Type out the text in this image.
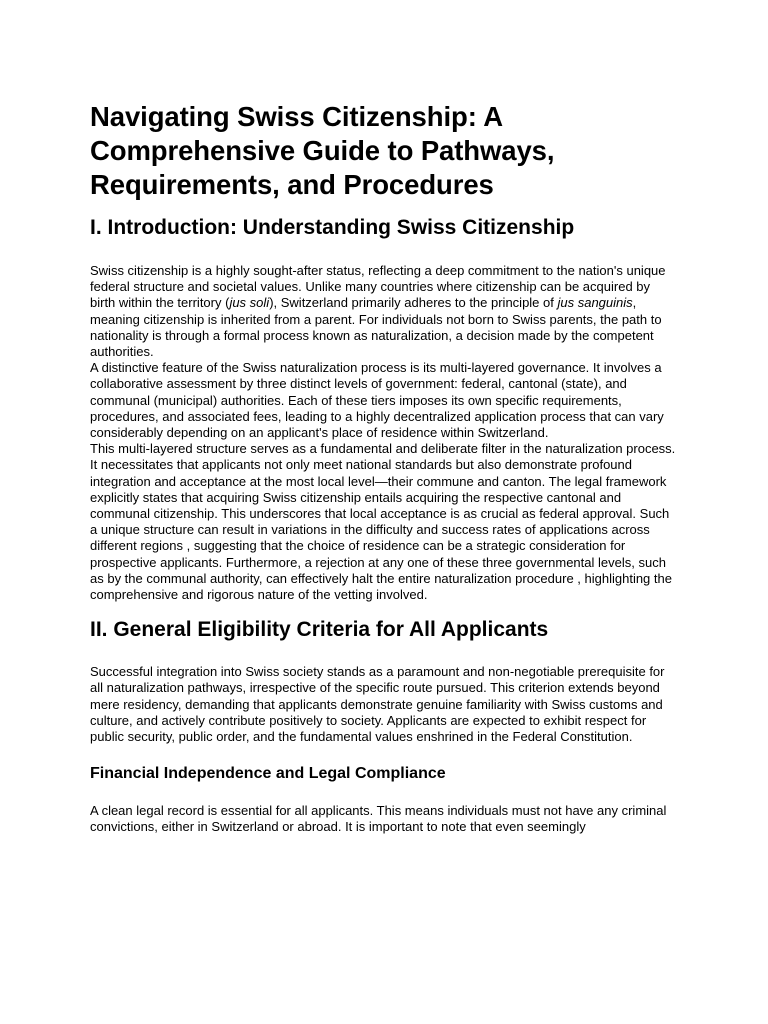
Navigating Swiss Citizenship: A Comprehensive Guide to Pathways, Requirements, and Procedures
I. Introduction: Understanding Swiss Citizenship

Swiss citizenship is a highly sought-after status, reflecting a deep commitment to the nation's unique federal structure and societal values. Unlike many countries where citizenship can be acquired by birth within the territory (jus soli), Switzerland primarily adheres to the principle of jus sanguinis, meaning citizenship is inherited from a parent. For individuals not born to Swiss parents, the path to nationality is through a formal process known as naturalization, a decision made by the competent authorities.

A distinctive feature of the Swiss naturalization process is its multi-layered governance. It involves a collaborative assessment by three distinct levels of government: federal, cantonal (state), and communal (municipal) authorities. Each of these tiers imposes its own specific requirements, procedures, and associated fees, leading to a highly decentralized application process that can vary considerably depending on an applicant's place of residence within Switzerland.

This multi-layered structure serves as a fundamental and deliberate filter in the naturalization process. It necessitates that applicants not only meet national standards but also demonstrate profound integration and acceptance at the most local level—their commune and canton. The legal framework explicitly states that acquiring Swiss citizenship entails acquiring the respective cantonal and communal citizenship. This underscores that local acceptance is as crucial as federal approval. Such a unique structure can result in variations in the difficulty and success rates of applications across different regions , suggesting that the choice of residence can be a strategic consideration for prospective applicants. Furthermore, a rejection at any one of these three governmental levels, such as by the communal authority, can effectively halt the entire naturalization procedure , highlighting the comprehensive and rigorous nature of the vetting involved.

II. General Eligibility Criteria for All Applicants

Successful integration into Swiss society stands as a paramount and non-negotiable prerequisite for all naturalization pathways, irrespective of the specific route pursued. This criterion extends beyond mere residency, demanding that applicants demonstrate genuine familiarity with Swiss customs and culture, and actively contribute positively to society. Applicants are expected to exhibit respect for public security, public order, and the fundamental values enshrined in the Federal Constitution.

Financial Independence and Legal Compliance

A clean legal record is essential for all applicants. This means individuals must not have any criminal convictions, either in Switzerland or abroad. It is important to note that even seemingly
